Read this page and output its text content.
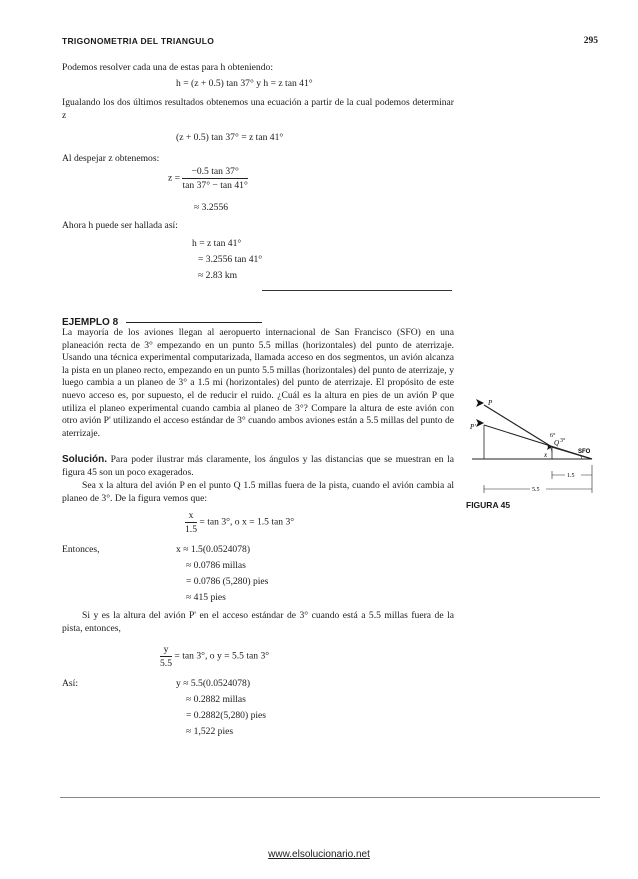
TRIGONOMETRIA DEL TRIANGULO	295
Podemos resolver cada una de estas para h obteniendo:
h = (z + 0.5) tan 37° y h = z tan 41°
Igualando los dos últimos resultados obtenemos una ecuación a partir de la cual podemos determinar z
(z + 0.5) tan 37° = z tan 41°
Al despejar z obtenemos:
$z = \frac{-0.5 \tan 37^\circ}{\tan 37^\circ - \tan 41^\circ}$
≈ 3.2556
Ahora h puede ser hallada así:
h = z tan 41°
= 3.2556 tan 41°
≈ 2.83 km
EJEMPLO 8
La mayoría de los aviones llegan al aeropuerto internacional de San Francisco (SFO) en una planeación recta de 3° empezando en un punto 5.5 millas (horizontales) del punto de aterrizaje. Usando una técnica experimental computarizada, llamada acceso en dos segmentos, un avión alcanza la pista en un planeo recto, empezando en un punto 5.5 millas (horizontales) del punto de aterrizaje, y luego cambia a un planeo de 3° a 1.5 mi (horizontales) del punto de aterrizaje. El propósito de este nuevo acceso es, por supuesto, el de reducir el ruido. ¿Cuál es la altura en pies de un avión P que utiliza el planeo experimental cuando cambia al planeo de 3°? Compare la altura de este avión con otro avión P' utilizando el acceso estándar de 3° cuando ambos aviones están a 5.5 millas del punto de aterrizaje.
Solución. Para poder ilustrar más claramente, los ángulos y las distancias que se muestran en la figura 45 son un poco exagerados.
Sea x la altura del avión P en el punto Q 1.5 millas fuera de la pista, cuando el avión cambia al planeo de 3°. De la figura vemos que:
$\frac{x}{1.5} = \tan 3^\circ$, o x = 1.5 tan 3°
Entonces,	x ≈ 1.5(0.0524078)
≈ 0.0786 millas
= 0.0786 (5,280) pies
≈ 415 pies
Si y es la altura del avión P' en el acceso estándar de 3° cuando está a 5.5 millas fuera de la pista, entonces,
$\frac{y}{5.5} = \tan 3^\circ$, o y = 5.5 tan 3°
Así:	y ≈ 5.5(0.0524078)
≈ 0.2882 millas
= 0.2882(5,280) pies
≈ 1,522 pies
P
P'
x
Q
6°
3°
SFO
1.5
5.5
FIGURA 45
www.elsolucionario.net
